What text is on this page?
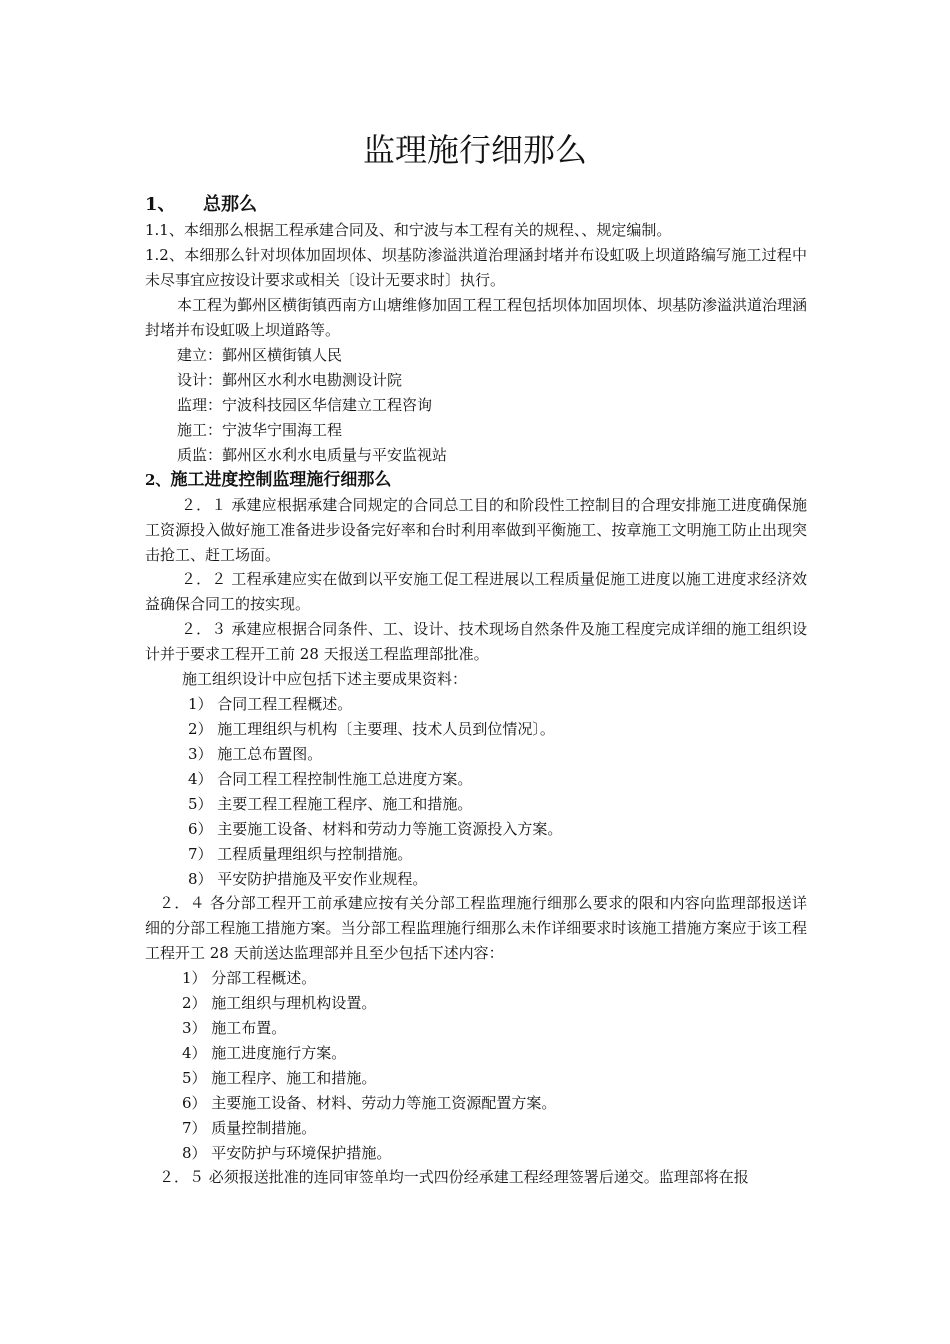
监理施行细那么
1、 总那么
1.1、本细那么根据工程承建合同及、和宁波与本工程有关的规程、、规定编制。
1.2、本细那么针对坝体加固坝体、坝基防渗溢洪道治理涵封堵并布设虹吸上坝道路编写施工过程中未尽事宜应按设计要求或相关〔设计无要求时〕执行。
本工程为鄞州区横街镇西南方山塘维修加固工程工程包括坝体加固坝体、坝基防渗溢洪道治理涵封堵并布设虹吸上坝道路等。
建立：鄞州区横街镇人民
设计：鄞州区水利水电勘测设计院
监理：宁波科技园区华信建立工程咨询
施工：宁波华宁围海工程
质监：鄞州区水利水电质量与平安监视站
2、施工进度控制监理施行细那么
２．１ 承建应根据承建合同规定的合同总工目的和阶段性工控制目的合理安排施工进度确保施工资源投入做好施工准备进步设备完好率和台时利用率做到平衡施工、按章施工文明施工防止出现突击抢工、赶工场面。
２．２ 工程承建应实在做到以平安施工促工程进展以工程质量促施工进度以施工进度求经济效益确保合同工的按实现。
２．３ 承建应根据合同条件、工、设计、技术现场自然条件及施工程度完成详细的施工组织设计并于要求工程开工前 28 天报送工程监理部批准。
施工组织设计中应包括下述主要成果资料：
1） 合同工程工程概述。
2） 施工理组织与机构〔主要理、技术人员到位情况〕。
3） 施工总布置图。
4） 合同工程工程控制性施工总进度方案。
5） 主要工程工程施工程序、施工和措施。
6） 主要施工设备、材料和劳动力等施工资源投入方案。
7） 工程质量理组织与控制措施。
8） 平安防护措施及平安作业规程。
２．４ 各分部工程开工前承建应按有关分部工程监理施行细那么要求的限和内容向监理部报送详细的分部工程施工措施方案。当分部工程监理施行细那么未作详细要求时该施工措施方案应于该工程工程开工 28 天前送达监理部并且至少包括下述内容：
1） 分部工程概述。
2） 施工组织与理机构设置。
3） 施工布置。
4） 施工进度施行方案。
5） 施工程序、施工和措施。
6） 主要施工设备、材料、劳动力等施工资源配置方案。
7） 质量控制措施。
8） 平安防护与环境保护措施。
２．５ 必须报送批准的连同审签单均一式四份经承建工程经理签署后递交。监理部将在报
